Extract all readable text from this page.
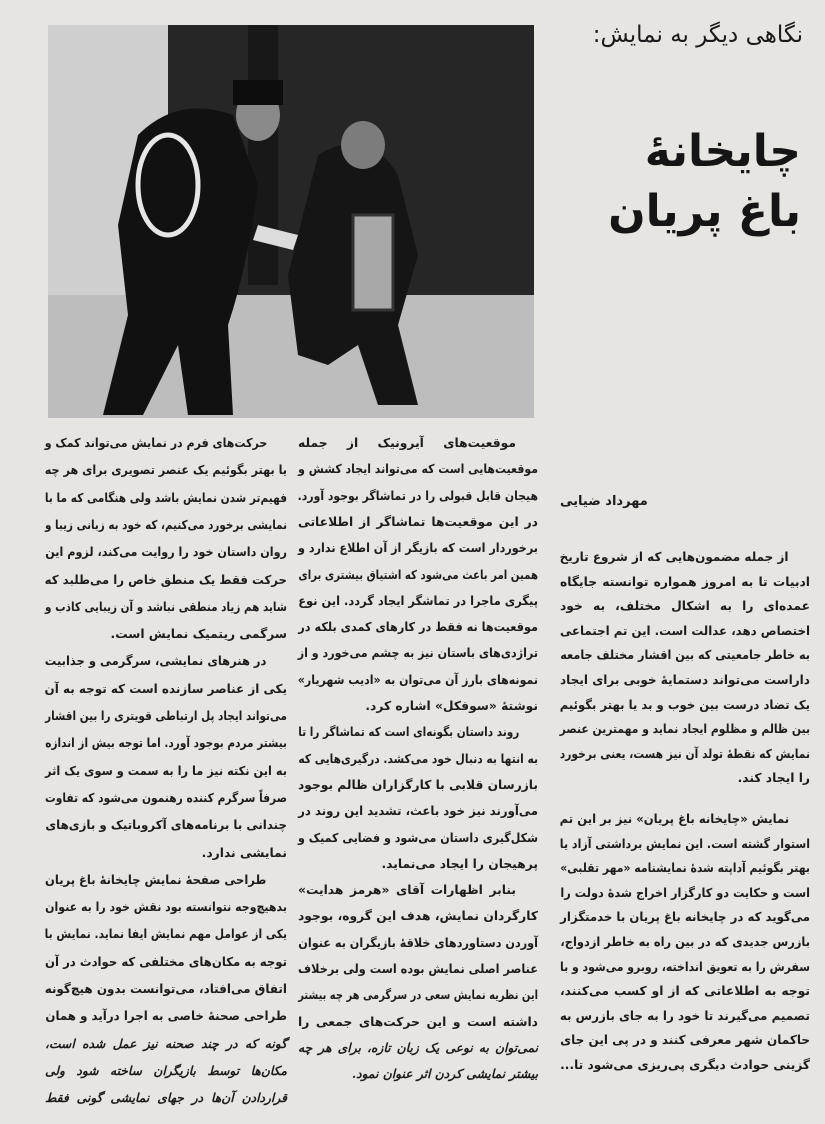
نگاهی دیگر به نمایش:
چایخانهٔ
باغ پریان
مهرداد ضیایی
از جمله مضمون‌هایی که از شروع تاریخ
ادبیات تا به امروز همواره توانسته جایگاه
عمده‌ای را به اشکال مختلف، به خود
اختصاص دهد، عدالت است. این تم اجتماعی
به خاطر جامعیتی که بین اقشار مختلف جامعه
داراست می‌تواند دستمایهٔ خوبی برای ایجاد
یک تضاد درست بین خوب و بد یا بهتر بگوئیم
بین ظالم و مظلوم ایجاد نماید و مهمترین عنصر
نمایش که نقطهٔ تولد آن نیز هست، یعنی برخورد
را ایجاد کند.
نمایش «چایخانه باغ پریان» نیز بر این تم
استوار گشته است. این نمایش برداشتی آزاد یا
بهتر بگوئیم آداپته شدهٔ نمایشنامه «مهر تقلبی»
است و حکایت دو کارگزار اخراج شدهٔ دولت را
می‌گوید که در چایخانه باغ پریان با خدمتگزار
بازرس جدیدی که در بین راه به خاطر ازدواج،
سفرش را به تعویق انداخته، روبرو می‌شود و با
توجه به اطلاعاتی که از او کسب می‌کنند،
تصمیم می‌گیرند تا خود را به جای بازرس به
حاکمان شهر معرفی کنند و در پی این جای
گزینی حوادث دیگری پی‌ریزی می‌شود تا...
موقعیت‌های آیرونیک از جمله
موقعیت‌هایی است که می‌تواند ایجاد کشش و
هیجان قابل قبولی را در تماشاگر بوجود آورد.
در این موقعیت‌ها تماشاگر از اطلاعاتی
برخوردار است که بازیگر از آن اطلاع ندارد و
همین امر باعث می‌شود که اشتیاق بیشتری برای
پیگری ماجرا در تماشگر ایجاد گردد. این نوع
موقعیت‌ها نه فقط در کارهای کمدی بلکه در
تراژدی‌های باستان نیز به چشم می‌خورد و از
نمونه‌های بارز آن می‌توان به «ادیب شهریار»
نوشتهٔ «سوفکل» اشاره کرد.
روند داستان بگونه‌ای است که تماشاگر را تا
به انتها به دنبال خود می‌کشد. درگیری‌هایی که
بازرسان قلابی با کارگزاران ظالم بوجود
می‌آورند نیز خود باعث، تشدید این روند در
شکل‌گیری داستان می‌شود و فضایی کمیک و
پرهیجان را ایجاد می‌نماید.
بنابر اظهارات آقای «هرمز هدایت»
کارگردان نمایش، هدف این گروه، بوجود
آوردن دستاوردهای خلاقهٔ بازیگران به عنوان
عناصر اصلی نمایش بوده است ولی برخلاف
این نظریه نمایش سعی در سرگرمی هر چه بیشتر
داشته است و این حرکت‌های جمعی را
نمی‌توان به نوعی یک زبان تازه، برای هر چه
بیشتر نمایشی کردن اثر عنوان نمود.
حرکت‌های فرم در نمایش می‌تواند کمک و
یا بهتر بگوئیم یک عنصر تصویری برای هر چه
فهیم‌تر شدن نمایش باشد ولی هنگامی که ما با
نمایشی برخورد می‌کنیم، که خود به زبانی زیبا و
روان داستان خود را روایت می‌کند، لزوم این
حرکت فقط یک منطق خاص را می‌طلبد که
شاید هم زیاد منطقی نباشد و آن زیبایی کاذب و
سرگمی ریتمیک نمایش است.
در هنرهای نمایشی، سرگرمی و جذابیت
یکی از عناصر سازنده است که توجه به آن
می‌تواند ایجاد پل ارتباطی قویتری را بین اقشار
بیشتر مردم بوجود آورد. اما توجه بیش از اندازه
به این نکته نیز ما را به سمت و سوی یک اثر
صرفاً سرگرم کننده رهنمون می‌شود که تفاوت
چندانی با برنامه‌های آکروباتیک و بازی‌های
نمایشی ندارد.
طراحی صفحهٔ نمایش چایخانهٔ باغ پریان
بدهیچ‌وجه نتوانسته بود نقش خود را به عنوان
یکی از عوامل مهم نمایش ایفا نماید. نمایش با
توجه به مکان‌های مختلفی که حوادث در آن
اتفاق می‌افتاد، می‌توانست بدون هیچ‌گونه
طراحی صحنهٔ خاصی به اجرا درآید و همان
گونه که در چند صحنه نیز عمل شده است،
مکان‌ها توسط بازیگران ساخته شود ولی
قراردادن آن‌ها در جهای نمایشی گونی فقط
